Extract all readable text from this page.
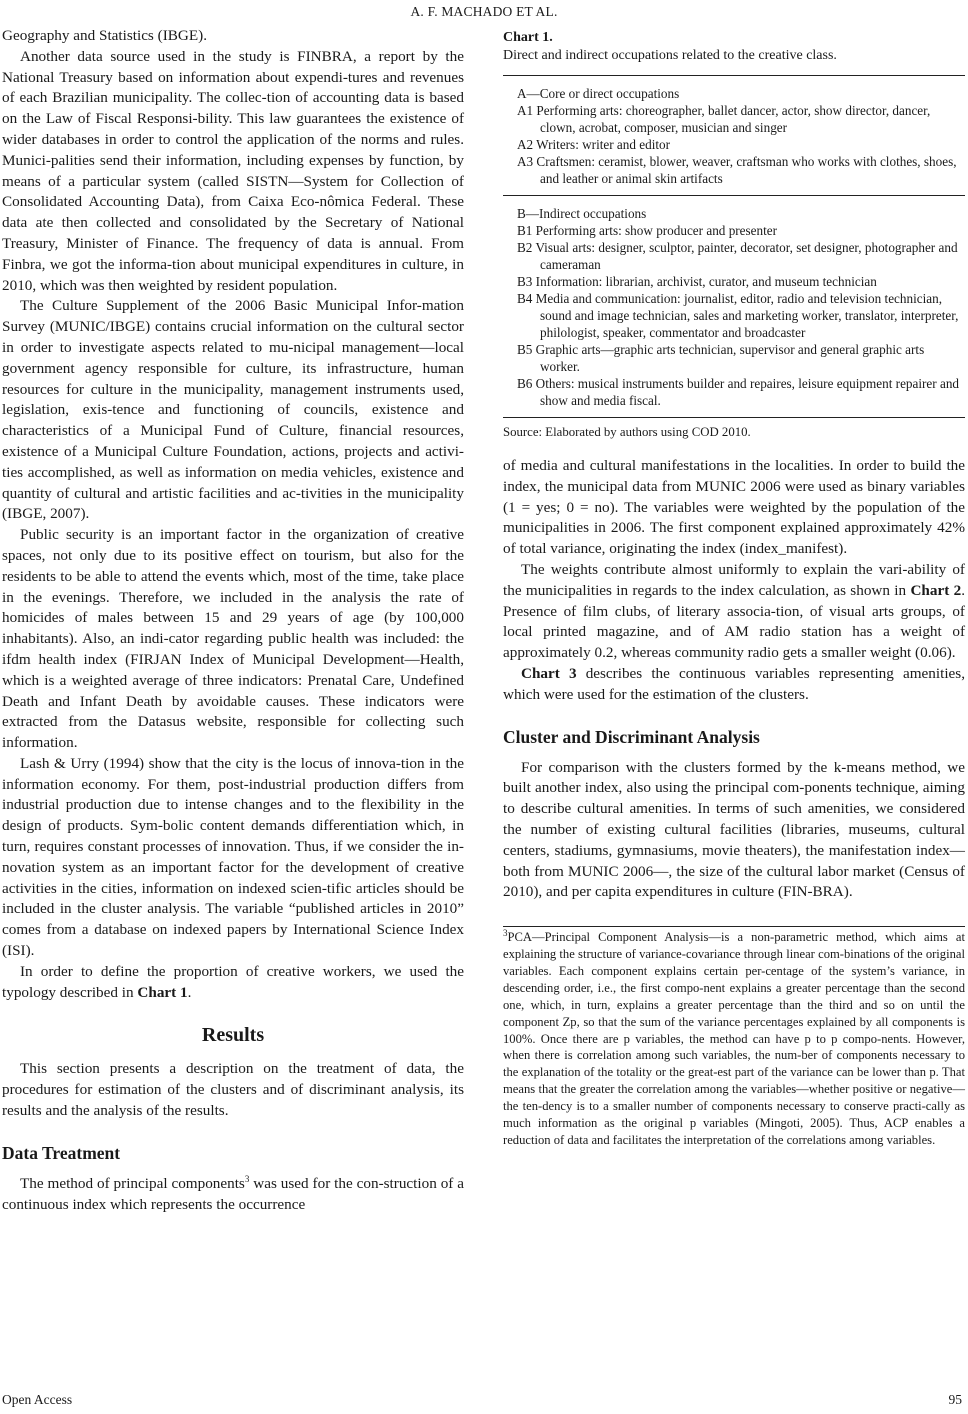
A. F. MACHADO ET AL.

Geography and Statistics (IBGE).

Another data source used in the study is FINBRA, a report by the National Treasury based on information about expendi-tures and revenues of each Brazilian municipality. The collec-tion of accounting data is based on the Law of Fiscal Responsi-bility. This law guarantees the existence of wider databases in order to control the application of the norms and rules. Munici-palities send their information, including expenses by function, by means of a particular system (called SISTN—System for Collection of Consolidated Accounting Data), from Caixa Eco-nômica Federal. These data ate then collected and consolidated by the Secretary of National Treasury, Minister of Finance. The frequency of data is annual. From Finbra, we got the informa-tion about municipal expenditures in culture, in 2010, which was then weighted by resident population.

The Culture Supplement of the 2006 Basic Municipal Infor-mation Survey (MUNIC/IBGE) contains crucial information on the cultural sector in order to investigate aspects related to mu-nicipal management—local government agency responsible for culture, its infrastructure, human resources for culture in the municipality, management instruments used, legislation, exis-tence and functioning of councils, existence and characteristics of a Municipal Fund of Culture, financial resources, existence of a Municipal Culture Foundation, actions, projects and activi-ties accomplished, as well as information on media vehicles, existence and quantity of cultural and artistic facilities and ac-tivities in the municipality (IBGE, 2007).

Public security is an important factor in the organization of creative spaces, not only due to its positive effect on tourism, but also for the residents to be able to attend the events which, most of the time, take place in the evenings. Therefore, we included in the analysis the rate of homicides of males between 15 and 29 years of age (by 100,000 inhabitants). Also, an indi-cator regarding public health was included: the ifdm health index (FIRJAN Index of Municipal Development—Health, which is a weighted average of three indicators: Prenatal Care, Undefined Death and Infant Death by avoidable causes. These indicators were extracted from the Datasus website, responsible for collecting such information.

Lash & Urry (1994) show that the city is the locus of innova-tion in the information economy. For them, post-industrial production differs from industrial production due to intense changes and to the flexibility in the design of products. Sym-bolic content demands differentiation which, in turn, requires constant processes of innovation. Thus, if we consider the in-novation system as an important factor for the development of creative activities in the cities, information on indexed scien-tific articles should be included in the cluster analysis. The variable “published articles in 2010” comes from a database on indexed papers by International Science Index (ISI).

In order to define the proportion of creative workers, we used the typology described in Chart 1.

Results

This section presents a description on the treatment of data, the procedures for estimation of the clusters and of discriminant analysis, its results and the analysis of the results.

Data Treatment

The method of principal components$^3$ was used for the con-struction of a continuous index which represents the occurrence

Chart 1.
Direct and indirect occupations related to the creative class.
A—Core or direct occupations
A1 Performing arts: choreographer, ballet dancer, actor, show director, dancer, clown, acrobat, composer, musician and singer
A2 Writers: writer and editor
A3 Craftsmen: ceramist, blower, weaver, craftsman who works with clothes, shoes, and leather or animal skin artifacts
B—Indirect occupations
B1 Performing arts: show producer and presenter
B2 Visual arts: designer, sculptor, painter, decorator, set designer, photographer and cameraman
B3 Information: librarian, archivist, curator, and museum technician
B4 Media and communication: journalist, editor, radio and television technician, sound and image technician, sales and marketing worker, translator, interpreter, philologist, speaker, commentator and broadcaster
B5 Graphic arts—graphic arts technician, supervisor and general graphic arts worker.
B6 Others: musical instruments builder and repaires, leisure equipment repairer and show and media fiscal.
Source: Elaborated by authors using COD 2010.

of media and cultural manifestations in the localities. In order to build the index, the municipal data from MUNIC 2006 were used as binary variables (1 = yes; 0 = no). The variables were weighted by the population of the municipalities in 2006. The first component explained approximately 42% of total variance, originating the index (index_manifest).

The weights contribute almost uniformly to explain the vari-ability of the municipalities in regards to the index calculation, as shown in Chart 2. Presence of film clubs, of literary associa-tion, of visual arts groups, of local printed magazine, and of AM radio station has a weight of approximately 0.2, whereas community radio gets a smaller weight (0.06).

Chart 3 describes the continuous variables representing amenities, which were used for the estimation of the clusters.

Cluster and Discriminant Analysis

For comparison with the clusters formed by the k-means method, we built another index, also using the principal com-ponents technique, aiming to describe cultural amenities. In terms of such amenities, we considered the number of existing cultural facilities (libraries, museums, cultural centers, stadiums, gymnasiums, movie theaters), the manifestation index—both from MUNIC 2006—, the size of the cultural labor market (Census of 2010), and per capita expenditures in culture (FIN-BRA).

$^3$PCA—Principal Component Analysis—is a non-parametric method, which aims at explaining the structure of variance-covariance through linear com-binations of the original variables. Each component explains certain per-centage of the system’s variance, in descending order, i.e., the first compo-nent explains a greater percentage than the second one, which, in turn, explains a greater percentage than the third and so on until the component Zp, so that the sum of the variance percentages explained by all components is 100%. Once there are p variables, the method can have p to p compo-nents. However, when there is correlation among such variables, the num-ber of components necessary to the explanation of the totality or the great-est part of the variance can be lower than p. That means that the greater the correlation among the variables—whether positive or negative—the ten-dency is to a smaller number of components necessary to conserve practi-cally as much information as the original p variables (Mingoti, 2005). Thus, ACP enables a reduction of data and facilitates the interpretation of the correlations among variables.
Open Access	95
